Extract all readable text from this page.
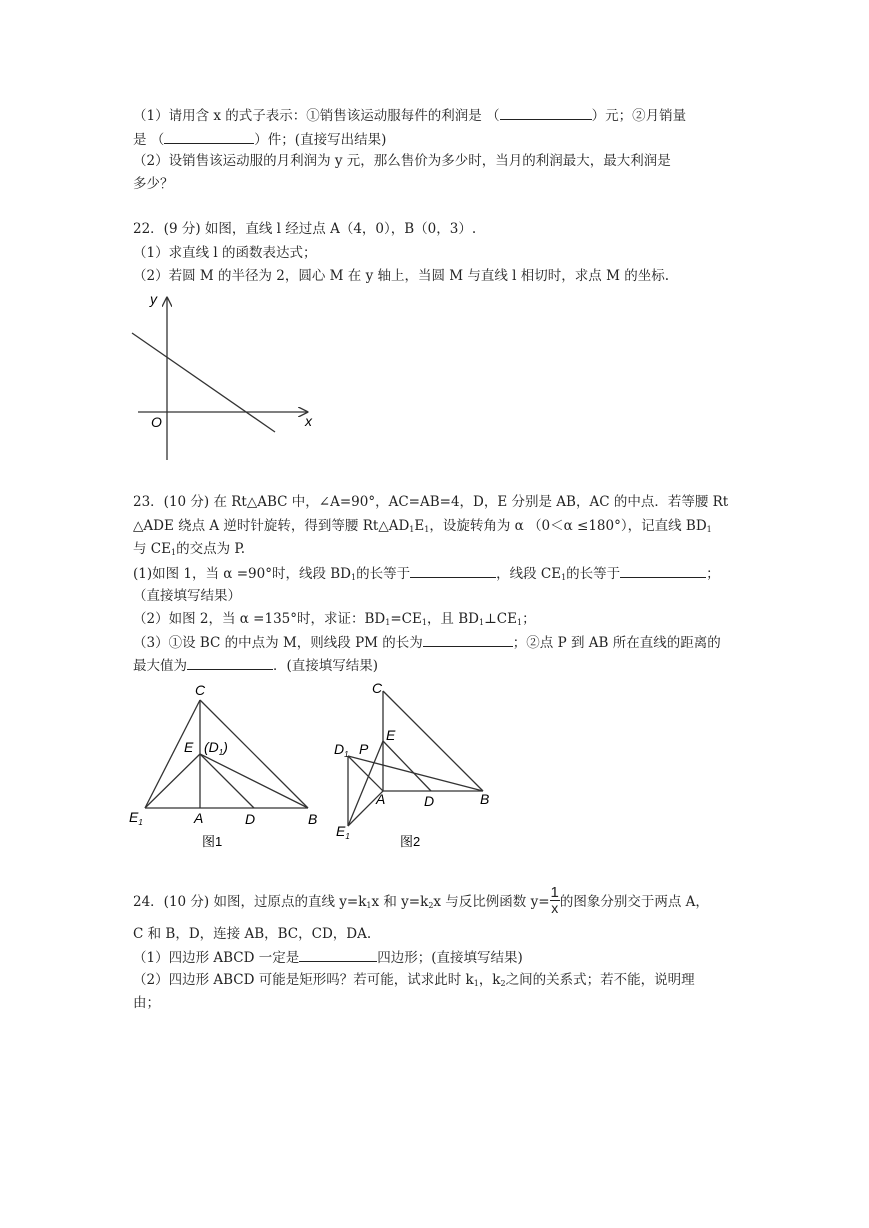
（1）请用含 x 的式子表示：①销售该运动服每件的利润是 （	）元；②月销量
是 （	）件；(直接写出结果)
（2）设销售该运动服的月利润为 y 元，那么售价为多少时，当月的利润最大，最大利润是
多少？
22．(9 分) 如图，直线 l 经过点 A（4，0），B（0，3）.
（1）求直线 l 的函数表达式；
（2）若圆 M 的半径为 2，圆心 M 在 y 轴上，当圆 M 与直线 l 相切时，求点 M 的坐标.
y
x
O
23．(10 分) 在 Rt△ABC 中，∠A=90°，AC=AB=4，D，E 分别是 AB，AC 的中点．若等腰 Rt
△ADE 绕点 A 逆时针旋转，得到等腰 $Rt\triangle AD_1E_1$，设旋转角为 α （0＜α ≤180°），记直线 $BD_1$
与 $CE_1$的交点为 P.
(1)如图 1，当 α =90°时，线段 $BD_1$的长等于	，线段 $CE_1$的长等于	；
（直接填写结果）
（2）如图 2，当 α =135°时，求证：$BD_1=CE_1$，且 $BD_1\perp CE_1$；
（3）①设 BC 的中点为 M，则线段 PM 的长为	；②点 P 到 AB 所在直线的距离的
最大值为	．(直接填写结果)
C
E $(D_1)$
$E_1$	A	D	B
图1
C
E
$D_1$ P
A	D	B
$E_1$	图2
24．(10 分) 如图，过原点的直线 $y=k_1x$ 和 $y=k_2x$ 与反比例函数 $y= \frac{1}{x}$ 的图象分别交于两点 A，
C 和 B，D，连接 AB，BC，CD，DA.
（1）四边形 ABCD 一定是	四边形；(直接填写结果)
（2）四边形 ABCD 可能是矩形吗？若可能，试求此时 $k_1$，$k_2$之间的关系式；若不能，说明理
由；
